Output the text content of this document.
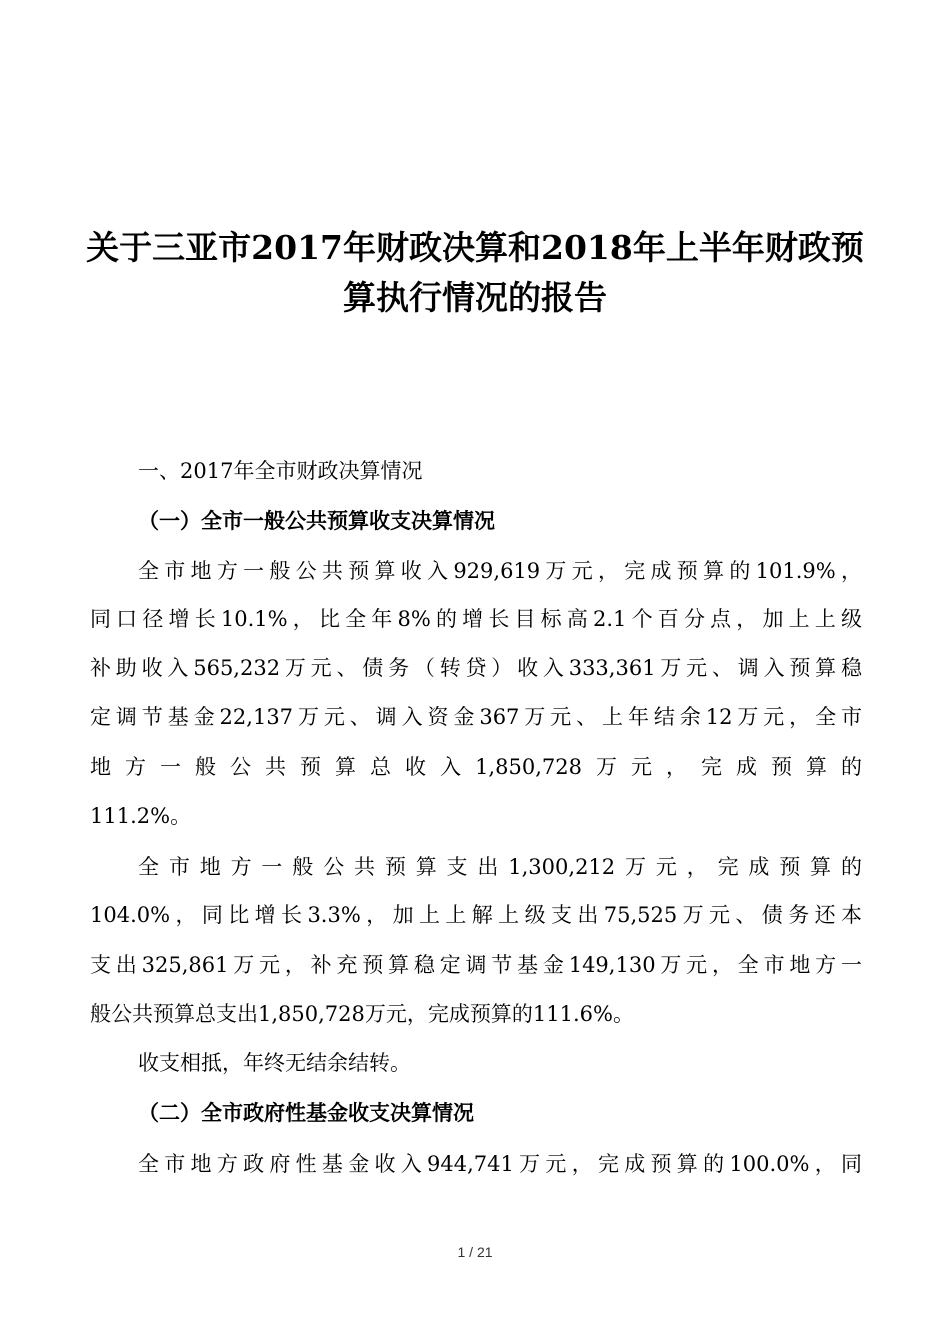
关于三亚市2017年财政决算和2018年上半年财政预
算执行情况的报告

一、2017年全市财政决算情况

（一）全市一般公共预算收支决算情况

全市地方一般公共预算收入929,619万元，完成预算的101.9%，

同口径增长10.1%，比全年8%的增长目标高2.1个百分点，加上上级

补助收入565,232万元、债务（转贷）收入333,361万元、调入预算稳

定调节基金22,137万元、调入资金367万元、上年结余12万元，全市

地方一般公共预算总收入1,850,728万元，完成预算的

111.2%。

全市地方一般公共预算支出1,300,212万元，完成预算的

104.0%，同比增长3.3%，加上上解上级支出75,525万元、债务还本

支出325,861万元，补充预算稳定调节基金149,130万元，全市地方一

般公共预算总支出1,850,728万元，完成预算的111.6%。

收支相抵，年终无结余结转。

（二）全市政府性基金收支决算情况

全市地方政府性基金收入944,741万元，完成预算的100.0%，同

1 / 21
